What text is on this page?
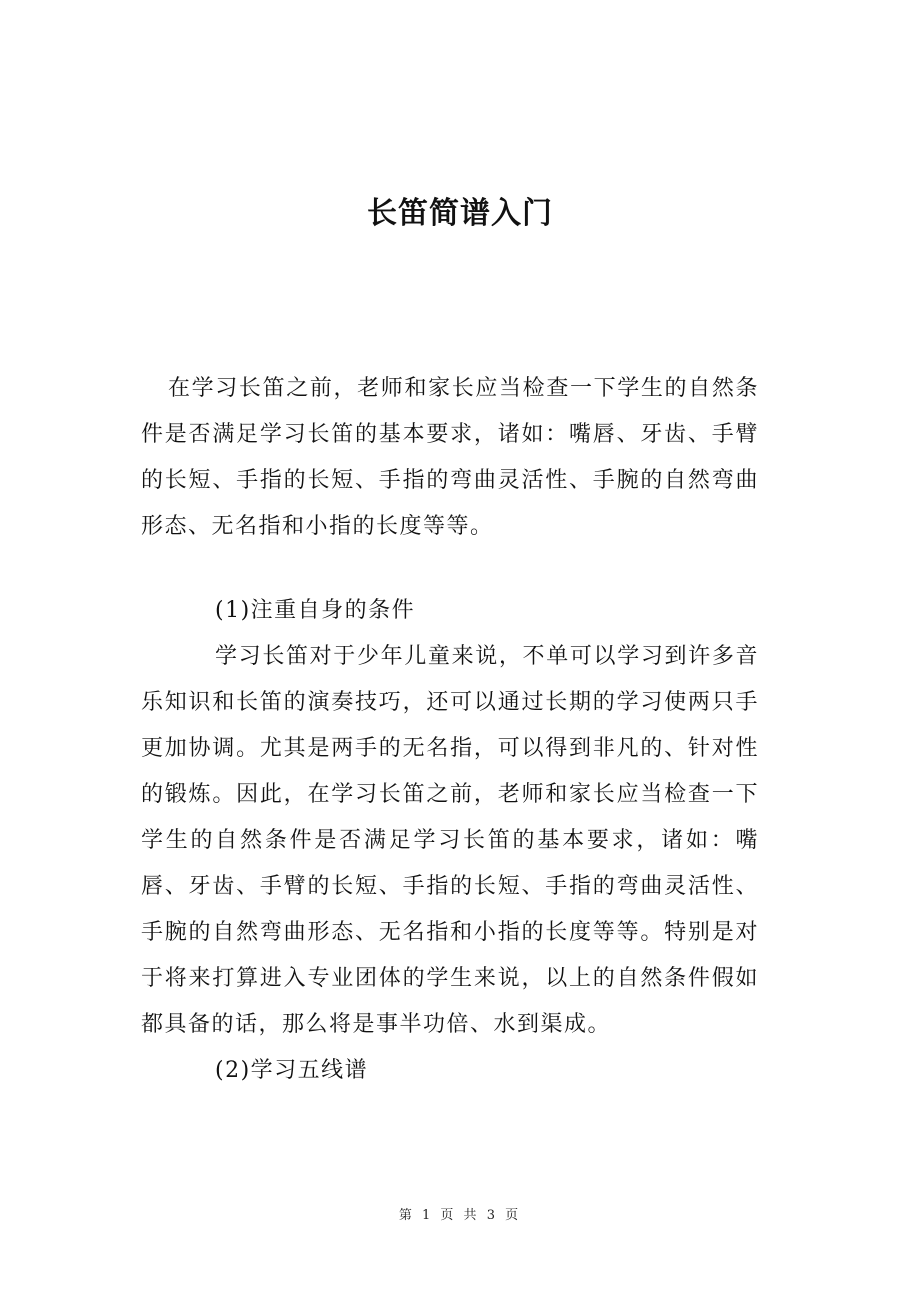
长笛简谱入门

在学习长笛之前，老师和家长应当检查一下学生的自然条件是否满足学习长笛的基本要求，诸如：嘴唇、牙齿、手臂的长短、手指的长短、手指的弯曲灵活性、手腕的自然弯曲形态、无名指和小指的长度等等。

(1)注重自身的条件

学习长笛对于少年儿童来说，不单可以学习到许多音乐知识和长笛的演奏技巧，还可以通过长期的学习使两只手更加协调。尤其是两手的无名指，可以得到非凡的、针对性的锻炼。因此，在学习长笛之前，老师和家长应当检查一下学生的自然条件是否满足学习长笛的基本要求，诸如：嘴唇、牙齿、手臂的长短、手指的长短、手指的弯曲灵活性、手腕的自然弯曲形态、无名指和小指的长度等等。特别是对于将来打算进入专业团体的学生来说，以上的自然条件假如都具备的话，那么将是事半功倍、水到渠成。

(2)学习五线谱

第 1 页 共 3 页
